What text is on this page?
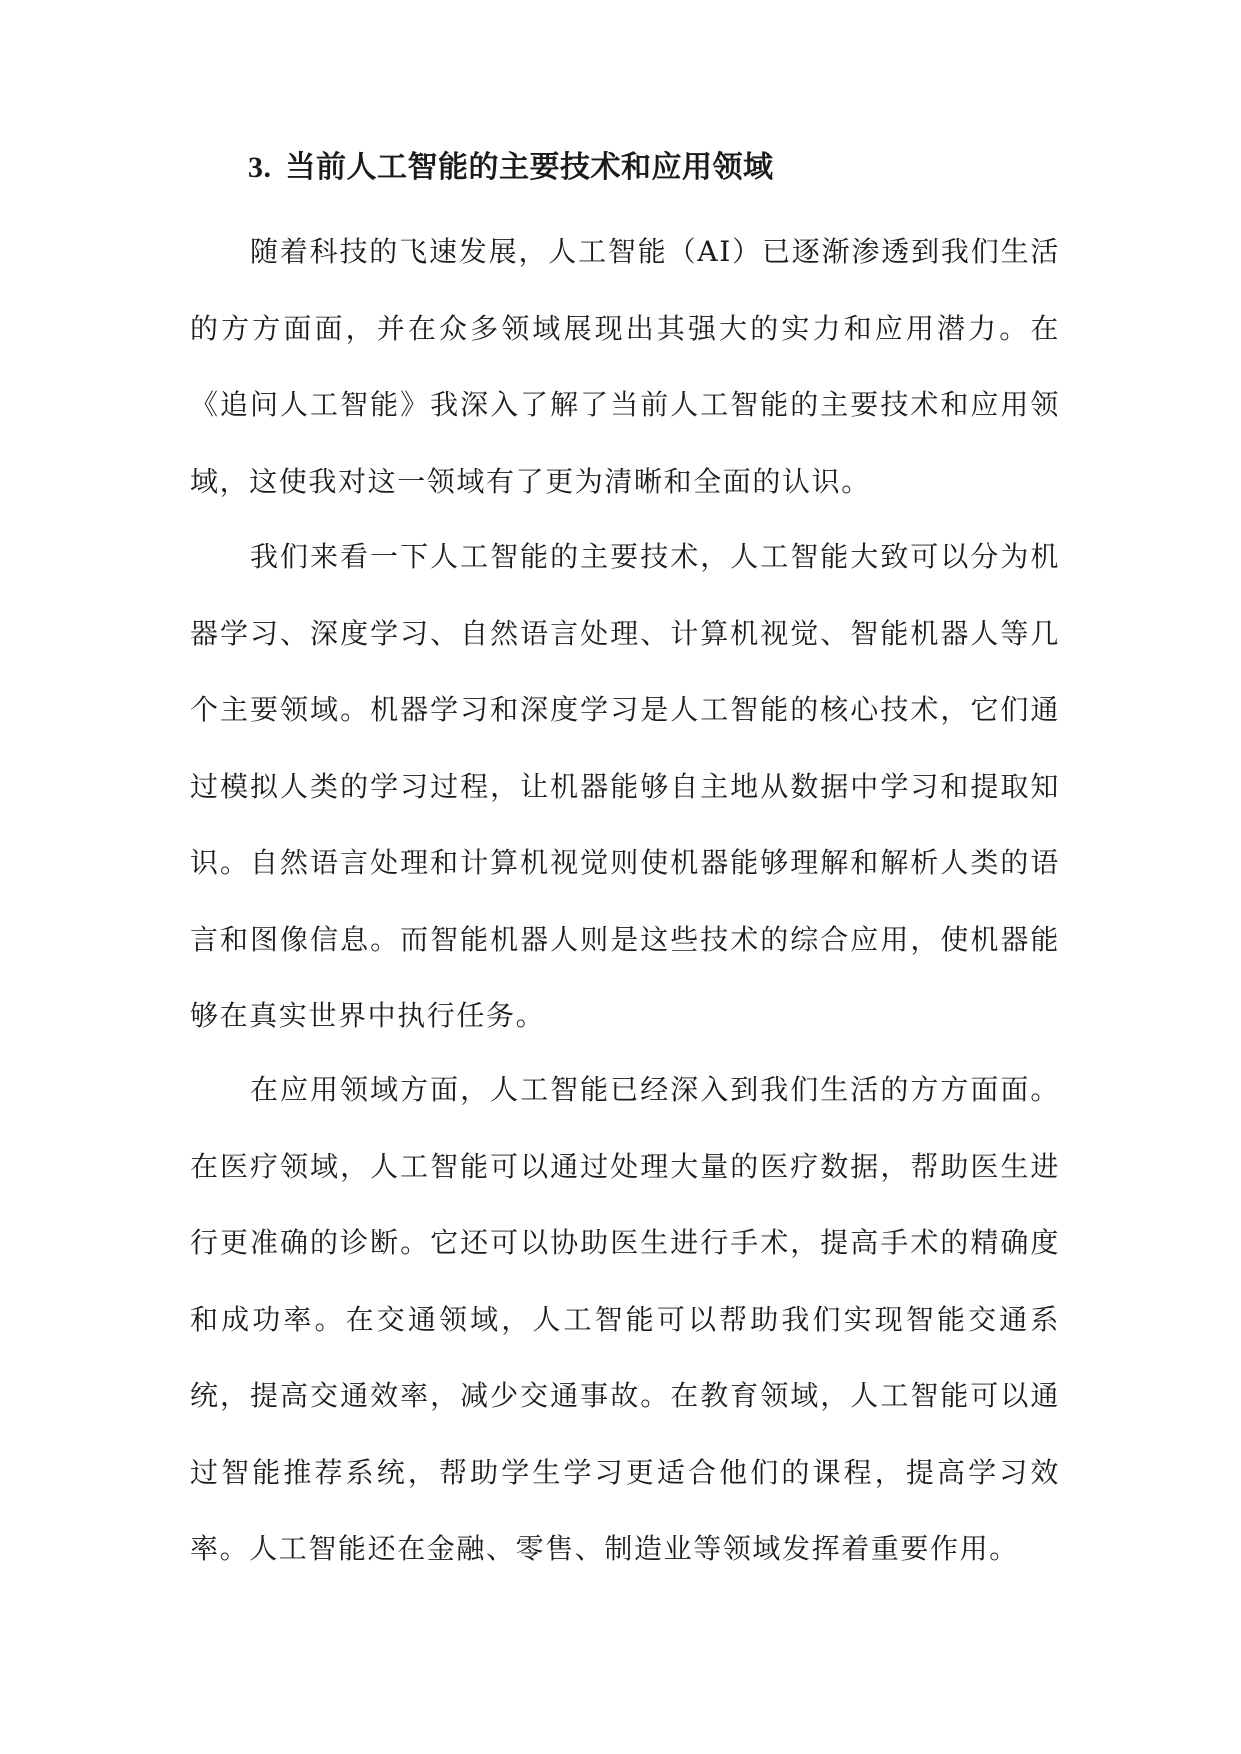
3. 当前人工智能的主要技术和应用领域

随着科技的飞速发展，人工智能（AI）已逐渐渗透到我们生活的方方面面，并在众多领域展现出其强大的实力和应用潜力。在《追问人工智能》我深入了解了当前人工智能的主要技术和应用领域，这使我对这一领域有了更为清晰和全面的认识。

我们来看一下人工智能的主要技术，人工智能大致可以分为机器学习、深度学习、自然语言处理、计算机视觉、智能机器人等几个主要领域。机器学习和深度学习是人工智能的核心技术，它们通过模拟人类的学习过程，让机器能够自主地从数据中学习和提取知识。自然语言处理和计算机视觉则使机器能够理解和解析人类的语言和图像信息。而智能机器人则是这些技术的综合应用，使机器能够在真实世界中执行任务。

在应用领域方面，人工智能已经深入到我们生活的方方面面。在医疗领域，人工智能可以通过处理大量的医疗数据，帮助医生进行更准确的诊断。它还可以协助医生进行手术，提高手术的精确度和成功率。在交通领域，人工智能可以帮助我们实现智能交通系统，提高交通效率，减少交通事故。在教育领域，人工智能可以通过智能推荐系统，帮助学生学习更适合他们的课程，提高学习效率。人工智能还在金融、零售、制造业等领域发挥着重要作用。
